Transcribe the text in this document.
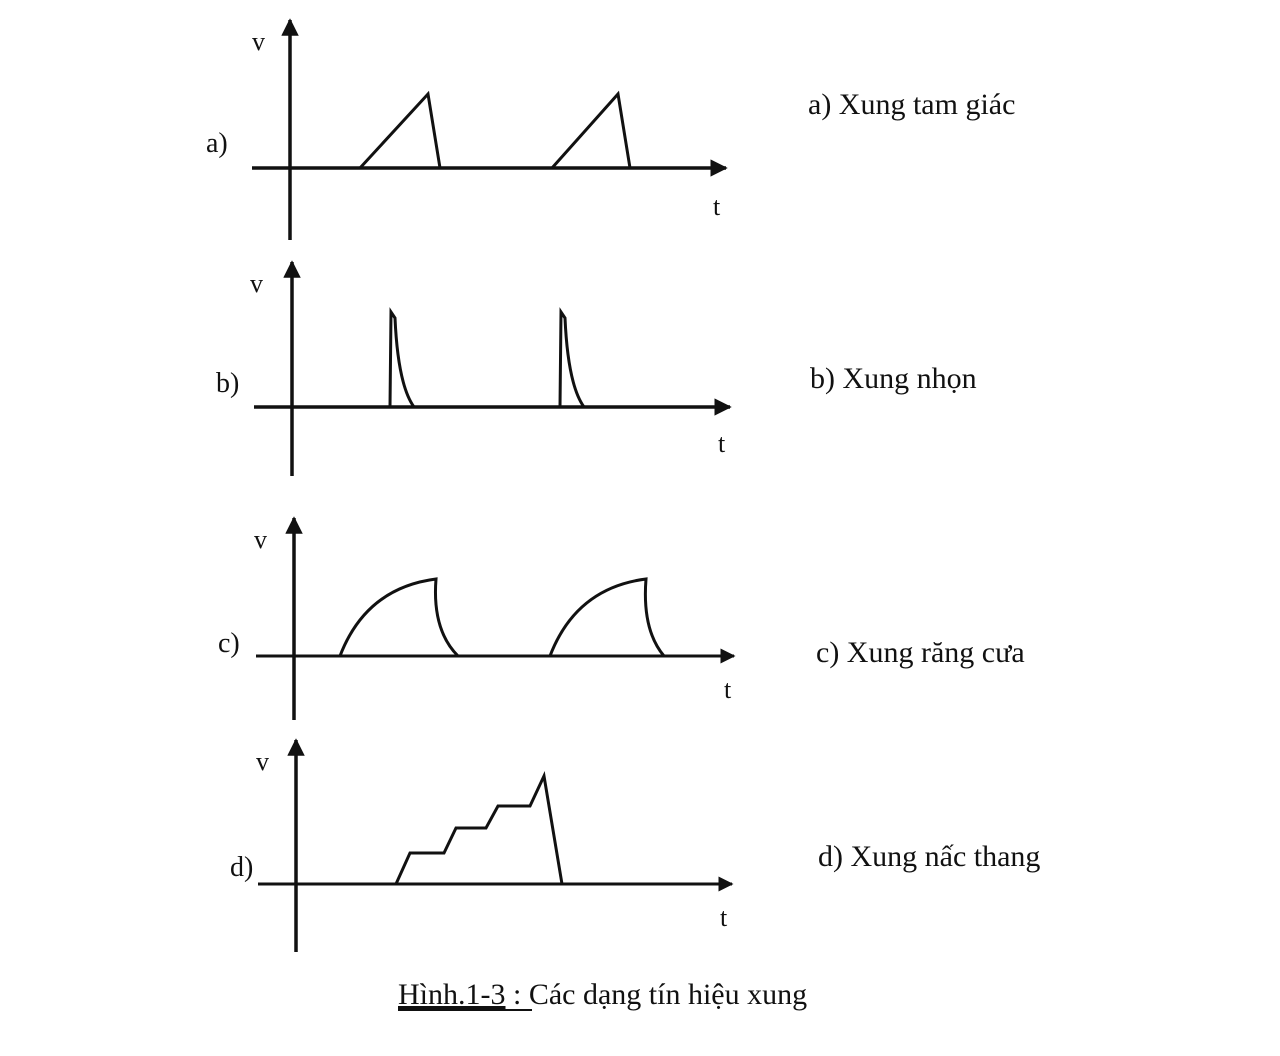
v
t
a)
a) Xung tam giác
v
t
b)	b) Xung nhọn
v
t
c)	c) Xung răng cưa
v
t
d)	d) Xung nấc thang
Hình.1-3 : Các dạng tín hiệu xung
